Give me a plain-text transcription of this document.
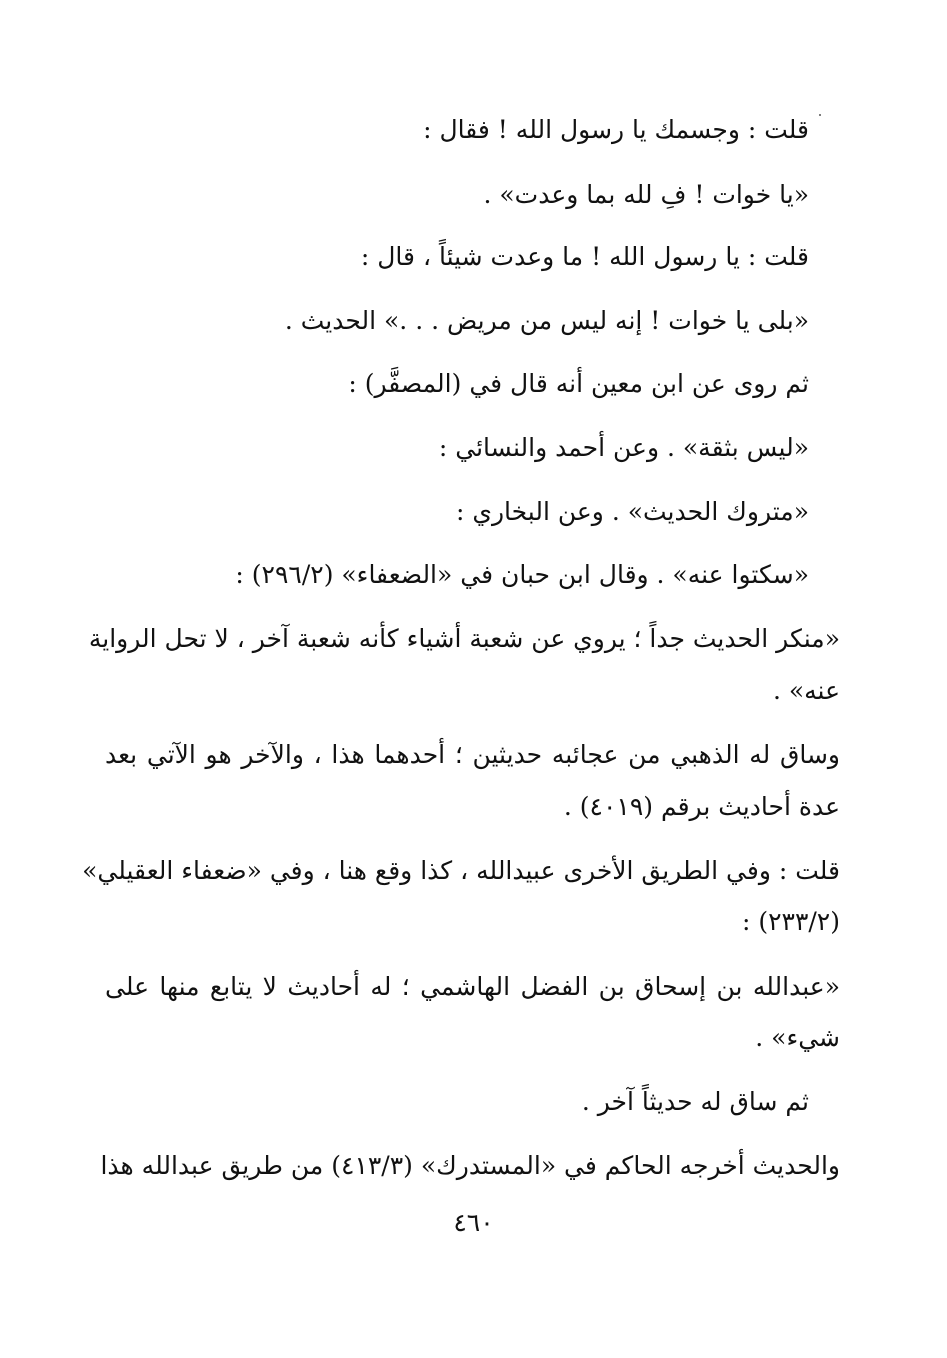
قلت : وجسمك يا رسول الله ! فقال :
«يا خوات ! فِ لله بما وعدت» .
قلت : يا رسول الله ! ما وعدت شيئاً ، قال :
«بلى يا خوات ! إنه ليس من مريض . . .» الحديث .
ثم روى عن ابن معين أنه قال في (المصفَّر) :
«ليس بثقة» . وعن أحمد والنسائي :
«متروك الحديث» . وعن البخاري :
«سكتوا عنه» . وقال ابن حبان في «الضعفاء» (٢٩٦/٢) :
«منكر الحديث جداً ؛ يروي عن شعبة أشياء كأنه شعبة آخر ، لا تحل الرواية
عنه» .
وساق له الذهبي من عجائبه حديثين ؛ أحدهما هذا ، والآخر هو الآتي بعد
عدة أحاديث برقم (٤٠١٩) .
قلت : وفي الطريق الأخرى عبيدالله ، كذا وقع هنا ، وفي «ضعفاء العقيلي»
(٢٣٣/٢) :
«عبدالله بن إسحاق بن الفضل الهاشمي ؛ له أحاديث لا يتابع منها على
شيء» .
ثم ساق له حديثاً آخر .
والحديث أخرجه الحاكم في «المستدرك» (٤١٣/٣) من طريق عبدالله هذا
٤٦٠
